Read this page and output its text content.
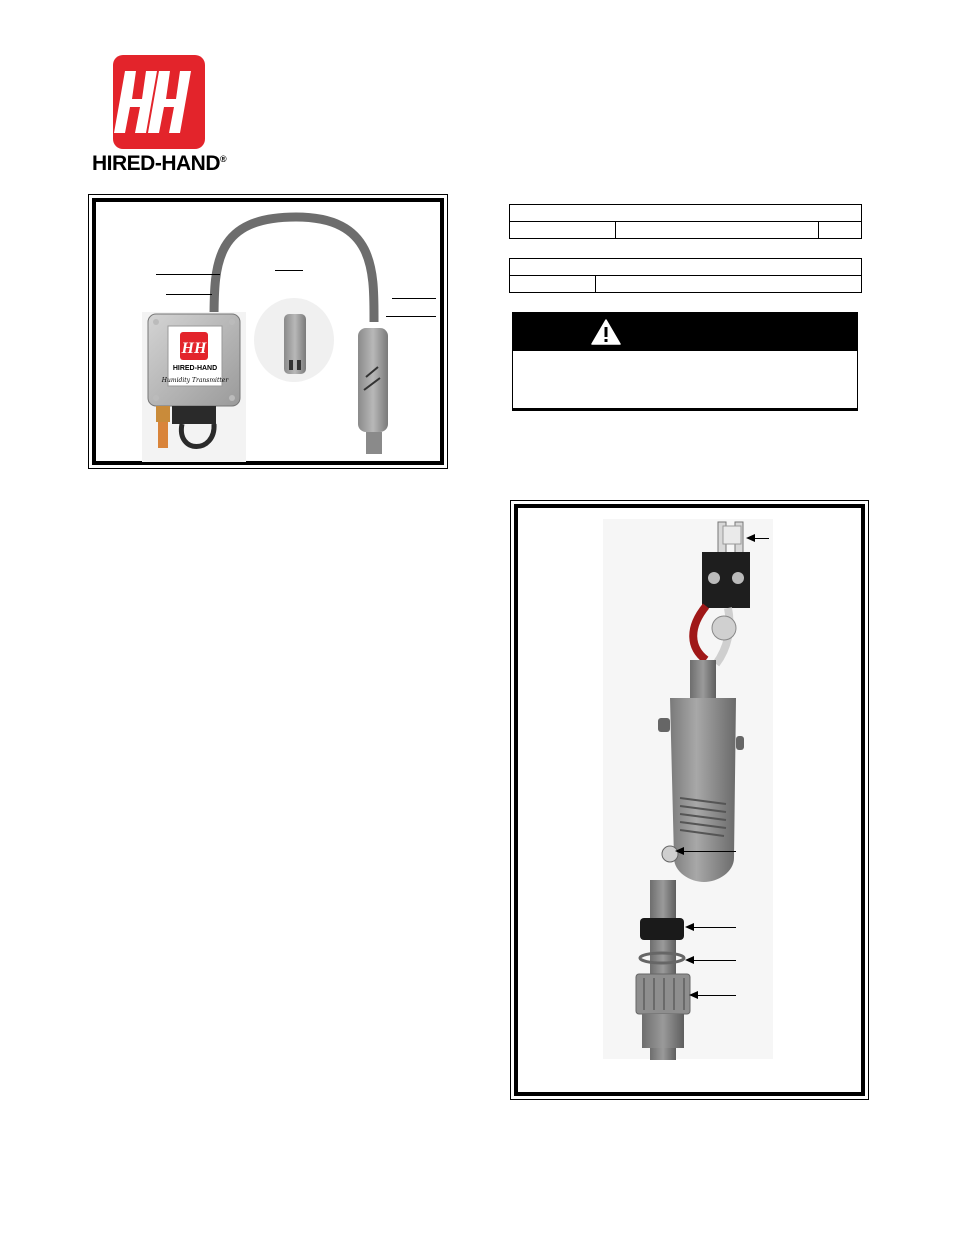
HIRED-HAND®
HH
HIRED-HAND
Humidity Transmitter
